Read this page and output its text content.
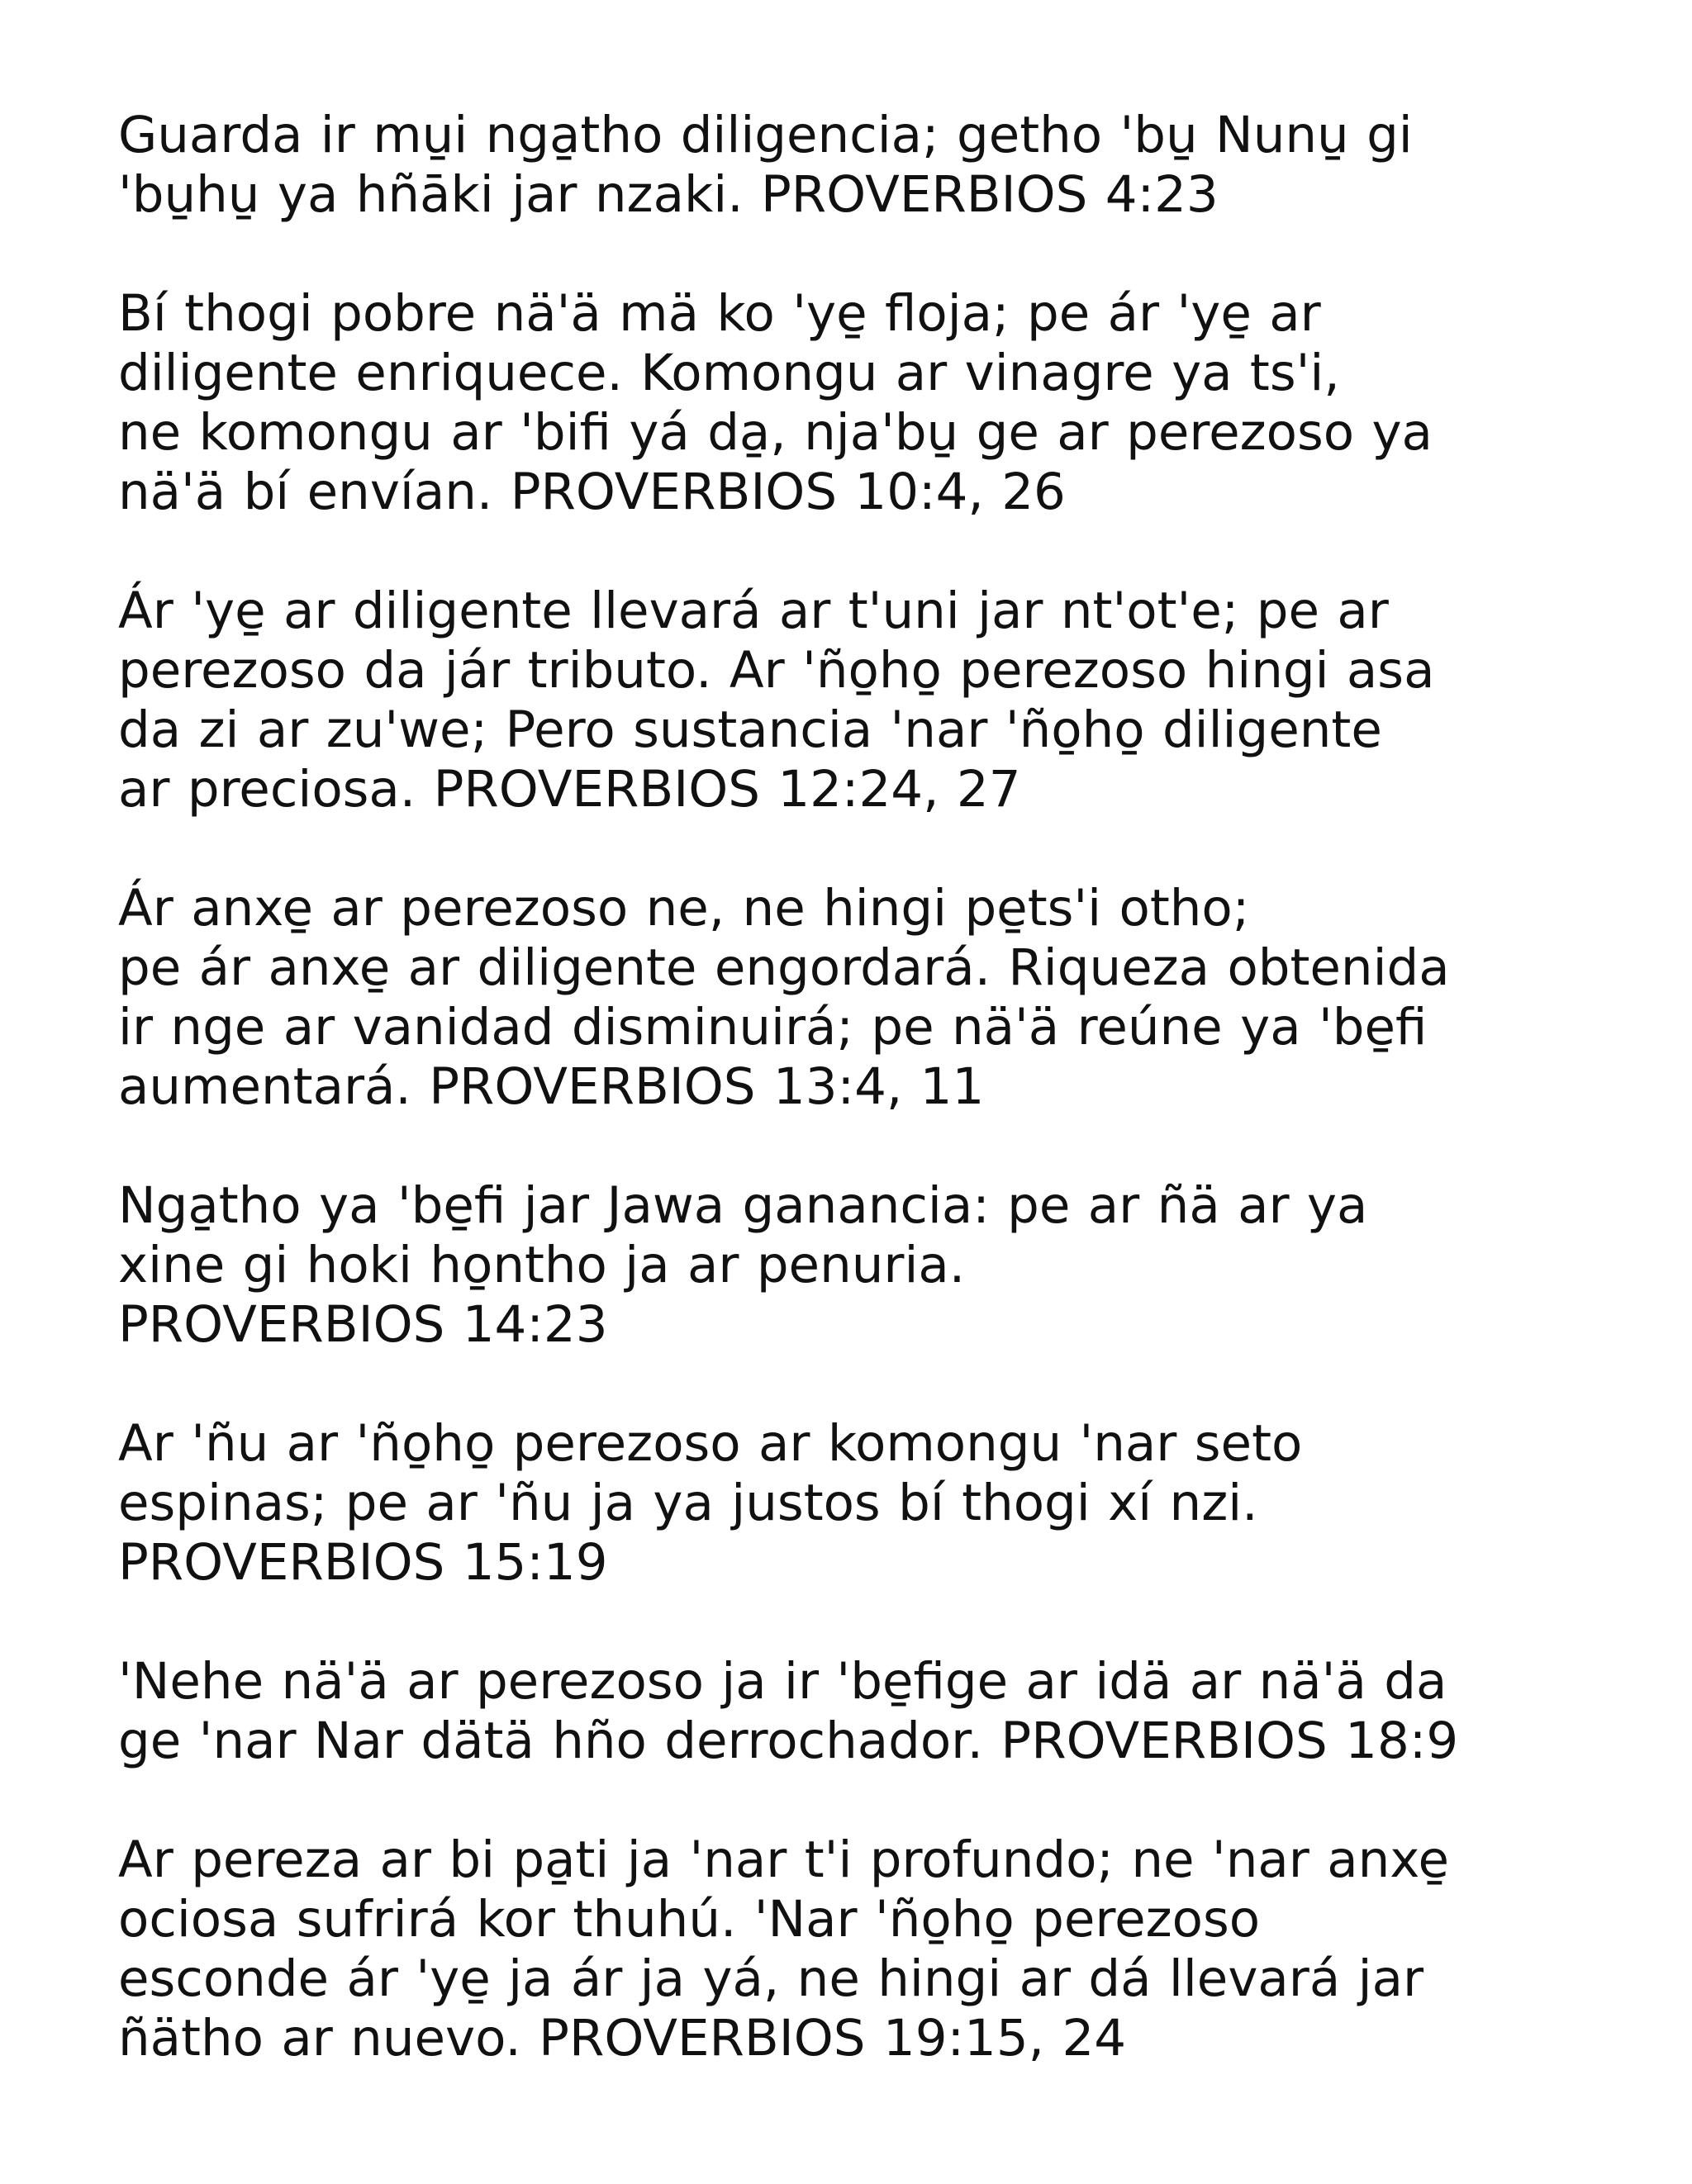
Guarda ir mu̱i nga̱tho diligencia; getho 'bu̱ Nunu̱ gi
'bu̱hu̱ ya hñāki jar nzaki. PROVERBIOS 4:23

Bí thogi pobre nä'ä mä ko 'ye̱ floja; pe ár 'ye̱ ar
diligente enriquece. Komongu ar vinagre ya ts'i,
ne komongu ar 'bifi yá da̱, nja'bu̱ ge ar perezoso ya
nä'ä bí envían. PROVERBIOS 10:4, 26

Ár 'ye̱ ar diligente llevará ar t'uni jar nt'ot'e; pe ar
perezoso da jár tributo. Ar 'ño̱ho̱ perezoso hingi asa
da zi ar zu'we; Pero sustancia 'nar 'ño̱ho̱ diligente
ar preciosa. PROVERBIOS 12:24, 27

Ár anxe̱ ar perezoso ne, ne hingi pe̱ts'i otho;
pe ár anxe̱ ar diligente engordará. Riqueza obtenida
ir nge ar vanidad disminuirá; pe nä'ä reúne ya 'be̱fi
aumentará. PROVERBIOS 13:4, 11

Nga̱tho ya 'be̱fi jar Jawa ganancia: pe ar ñä ar ya
xine gi hoki ho̱ntho ja ar penuria.
PROVERBIOS 14:23

Ar 'ñu ar 'ño̱ho̱ perezoso ar komongu 'nar seto
espinas; pe ar 'ñu ja ya justos bí thogi xí nzi.
PROVERBIOS 15:19

'Nehe nä'ä ar perezoso ja ir 'be̱fige ar idä ar nä'ä da
ge 'nar Nar dätä hño derrochador. PROVERBIOS 18:9

Ar pereza ar bi pa̱ti ja 'nar t'i profundo; ne 'nar anxe̱
ociosa sufrirá kor thuhú. 'Nar 'ño̱ho̱ perezoso
esconde ár 'ye̱ ja ár ja yá, ne hingi ar dá llevará jar
ñätho ar nuevo. PROVERBIOS 19:15, 24
